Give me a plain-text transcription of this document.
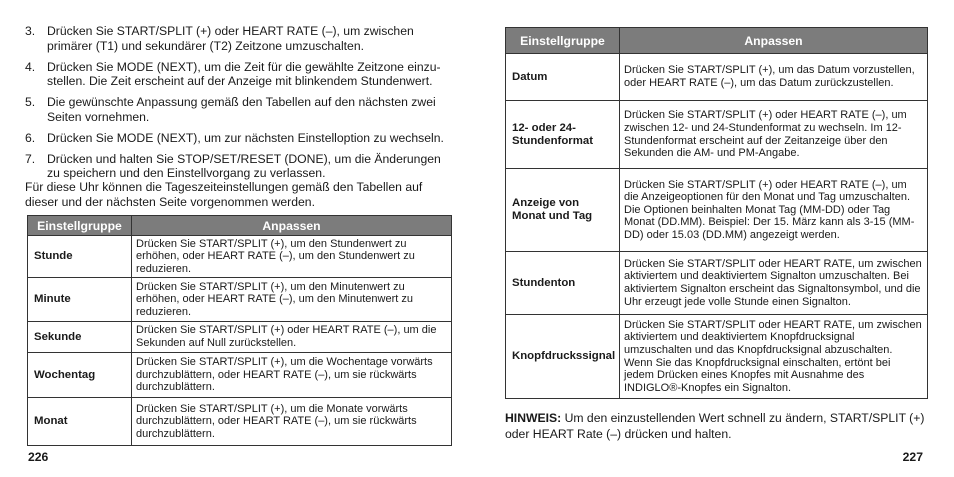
3. Drücken Sie START/SPLIT (+) oder HEART RATE (–), um zwischen primärer (T1) und sekundärer (T2) Zeitzone umzuschalten.
4. Drücken Sie MODE (NEXT), um die Zeit für die gewählte Zeitzone einzu-stellen. Die Zeit erscheint auf der Anzeige mit blinkendem Stundenwert.
5. Die gewünschte Anpassung gemäß den Tabellen auf den nächsten zwei Seiten vornehmen.
6. Drücken Sie MODE (NEXT), um zur nächsten Einstelloption zu wechseln.
7. Drücken und halten Sie STOP/SET/RESET (DONE), um die Änderungen zu speichern und den Einstellvorgang zu verlassen.

Für diese Uhr können die Tageszeiteinstellungen gemäß den Tabellen auf dieser und der nächsten Seite vorgenommen werden.

Einstellgruppe	Anpassen
Stunde	Drücken Sie START/SPLIT (+), um den Stundenwert zu erhöhen, oder HEART RATE (–), um den Stundenwert zu reduzieren.
Minute	Drücken Sie START/SPLIT (+), um den Minutenwert zu erhöhen, oder HEART RATE (–), um den Minutenwert zu reduzieren.
Sekunde	Drücken Sie START/SPLIT (+) oder HEART RATE (–), um die Sekunden auf Null zurückstellen.
Wochentag	Drücken Sie START/SPLIT (+), um die Wochentage vorwärts durchzublättern, oder HEART RATE (–), um sie rückwärts durchzublättern.
Monat	Drücken Sie START/SPLIT (+), um die Monate vorwärts durchzublättern, oder HEART RATE (–), um sie rückwärts durchzublättern.
226
Einstellgruppe	Anpassen
Datum	Drücken Sie START/SPLIT (+), um das Datum vorzustellen, oder HEART RATE (–), um das Datum zurückzustellen.
12- oder 24-Stundenformat	Drücken Sie START/SPLIT (+) oder HEART RATE (–), um zwischen 12- und 24-Stundenformat zu wechseln. Im 12-Stundenformat erscheint auf der Zeitanzeige über den Sekunden die AM- und PM-Angabe.
Anzeige von Monat und Tag	Drücken Sie START/SPLIT (+) oder HEART RATE (–), um die Anzeigeoptionen für den Monat und Tag umzuschalten. Die Optionen beinhalten Monat Tag (MM-DD) oder Tag Monat (DD.MM). Beispiel: Der 15. März kann als 3-15 (MM-DD) oder 15.03 (DD.MM) angezeigt werden.
Stundenton	Drücken Sie START/SPLIT oder HEART RATE, um zwischen aktiviertem und deaktiviertem Signalton umzuschalten. Bei aktiviertem Signalton erscheint das Signaltonsymbol, und die Uhr erzeugt jede volle Stunde einen Signalton.
Knopfdruckssignal	Drücken Sie START/SPLIT oder HEART RATE, um zwischen aktiviertem und deaktiviertem Knopfdrucksignal umzuschalten und das Knopfdrucksignal abzuschalten. Wenn Sie das Knopfdrucksignal einschalten, ertönt bei jedem Drücken eines Knopfes mit Ausnahme des INDIGLO®-Knopfes ein Signalton.

HINWEIS: Um den einzustellenden Wert schnell zu ändern, START/SPLIT (+) oder HEART Rate (–) drücken und halten.

227
